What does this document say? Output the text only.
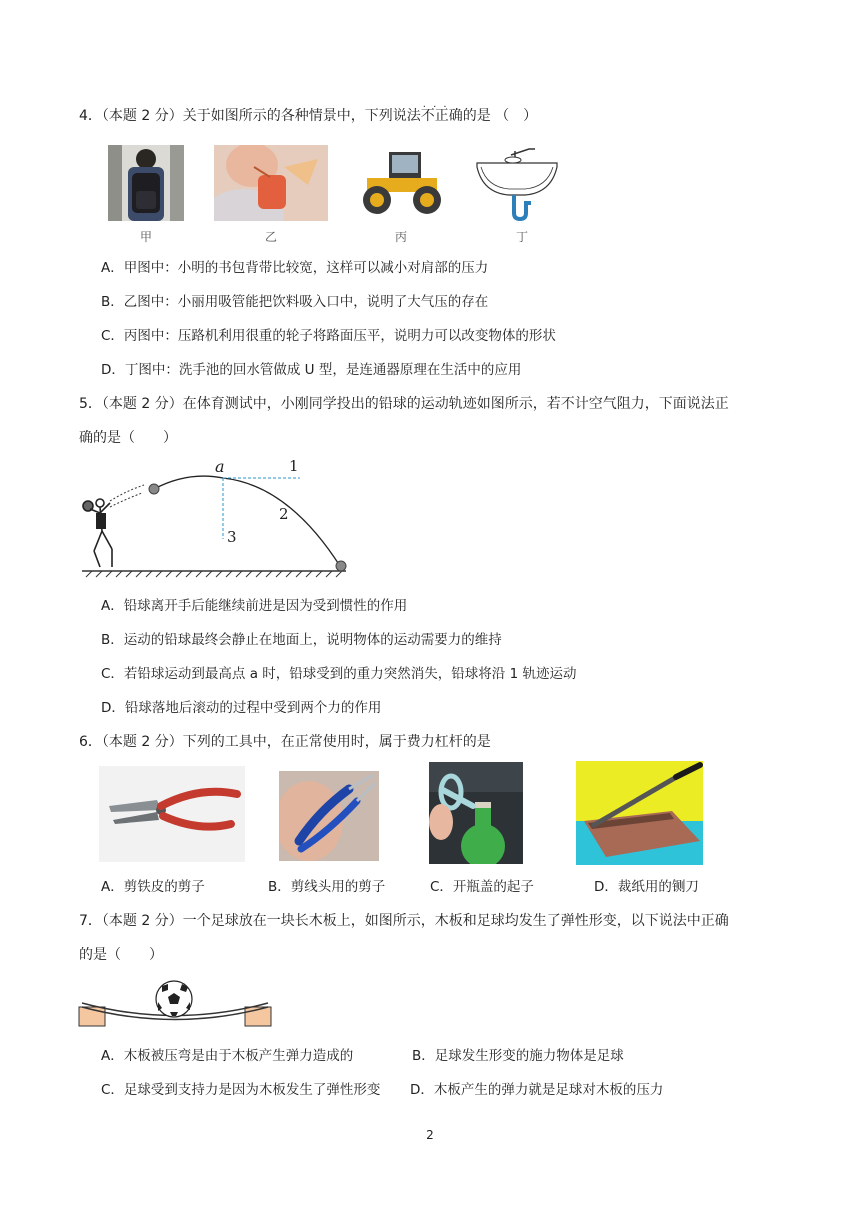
4．（本题 2 分）关于如图所示的各种情景中，下列说法不正确 · · ·的是 （　）
甲	乙	丙	丁
A．甲图中：小明的书包背带比较宽，这样可以减小对肩部的压力
B．乙图中：小丽用吸管能把饮料吸入口中，说明了大气压的存在
C．丙图中：压路机利用很重的轮子将路面压平，说明力可以改变物体的形状
D．丁图中：洗手池的回水管做成 U 型，是连通器原理在生活中的应用
5．（本题 2 分）在体育测试中，小刚同学投出的铅球的运动轨迹如图所示，若不计空气阻力，下面说法正
确的是（　　）
a	1
2
3
A．铅球离开手后能继续前进是因为受到惯性的作用
B．运动的铅球最终会静止在地面上，说明物体的运动需要力的维持
C．若铅球运动到最高点 a 时，铅球受到的重力突然消失，铅球将沿 1 轨迹运动
D．铅球落地后滚动的过程中受到两个力的作用
6．（本题 2 分）下列的工具中，在正常使用时，属于费力杠杆的是
A．剪铁皮的剪子	B．剪线头用的剪子	C．开瓶盖的起子	D．裁纸用的铡刀
7．（本题 2 分）一个足球放在一块长木板上，如图所示，木板和足球均发生了弹性形变，以下说法中正确
的是（　　）
A．木板被压弯是由于木板产生弹力造成的	B．足球发生形变的施力物体是足球
C．足球受到支持力是因为木板发生了弹性形变 D．木板产生的弹力就是足球对木板的压力
2
